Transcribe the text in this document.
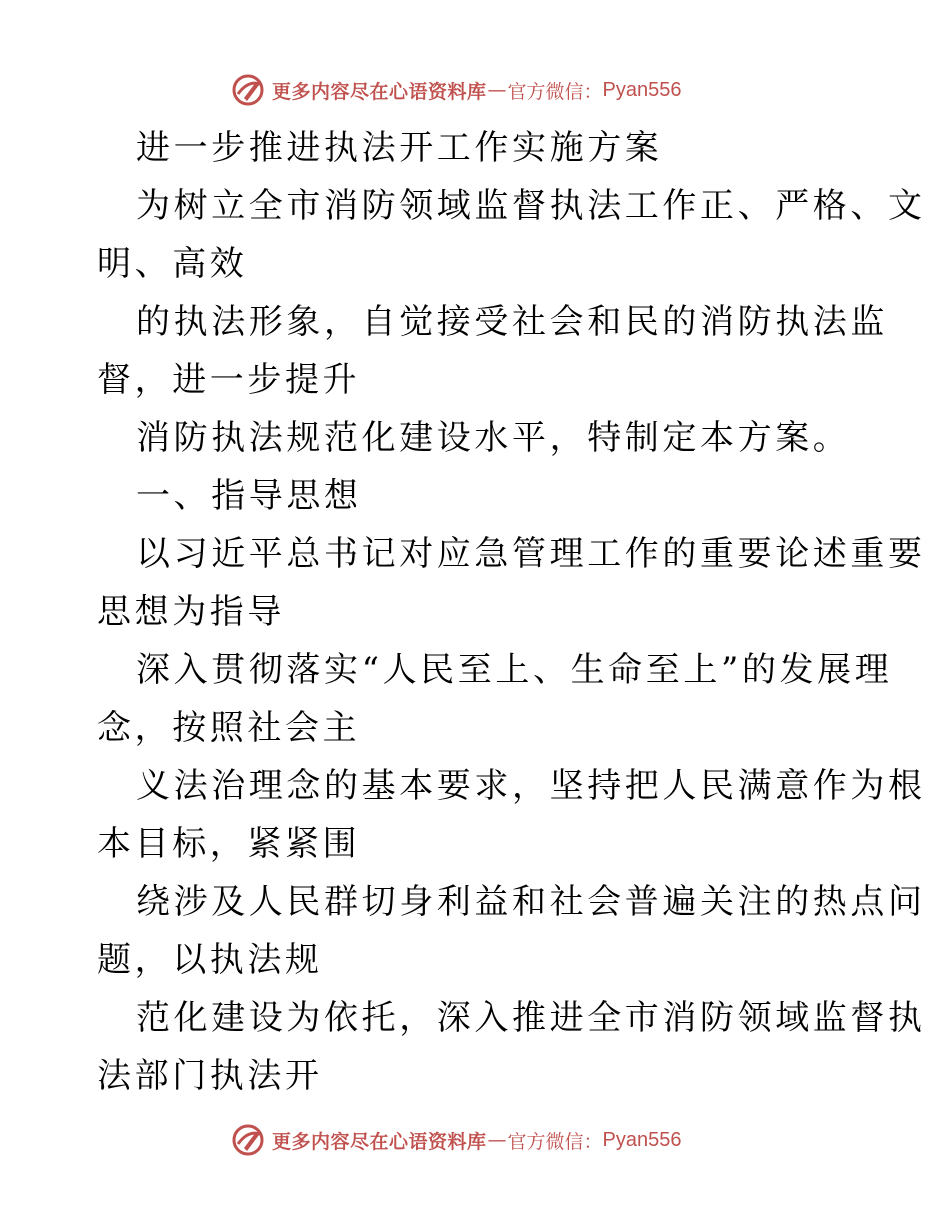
更多内容尽在心语资料库 — 官方微信： Pyan556
进一步推进执法开工作实施方案
为树立全市消防领域监督执法工作正、严格、文
明、高效
的执法形象，自觉接受社会和民的消防执法监
督，进一步提升
消防执法规范化建设水平，特制定本方案。
一、指导思想
以习近平总书记对应急管理工作的重要论述重要
思想为指导
深入贯彻落实“人民至上、生命至上”的发展理
念，按照社会主
义法治理念的基本要求，坚持把人民满意作为根
本目标，紧紧围
绕涉及人民群切身利益和社会普遍关注的热点问
题，以执法规
范化建设为依托，深入推进全市消防领域监督执
法部门执法开
更多内容尽在心语资料库 — 官方微信： Pyan556
